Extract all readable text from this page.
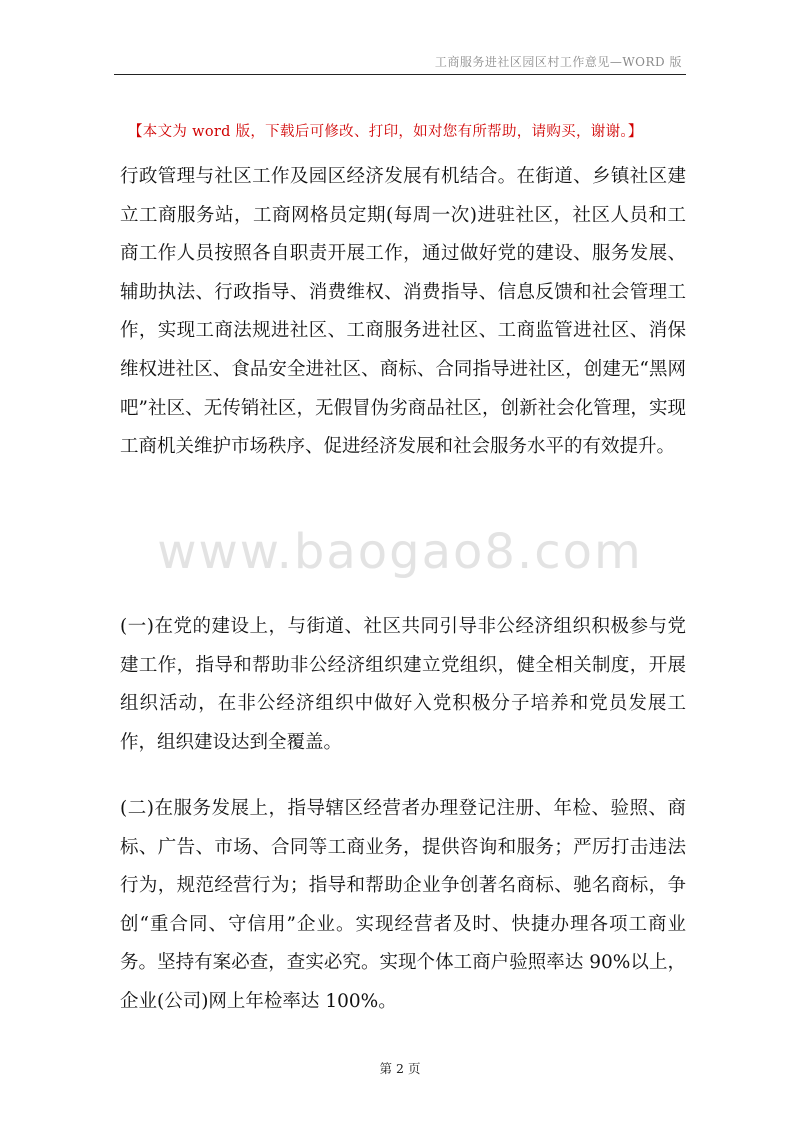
工商服务进社区园区村工作意见—WORD 版
【本文为 word 版，下载后可修改、打印，如对您有所帮助，请购买，谢谢。】

行政管理与社区工作及园区经济发展有机结合。在街道、乡镇社区建立工商服务站，工商网格员定期(每周一次)进驻社区，社区人员和工商工作人员按照各自职责开展工作，通过做好党的建设、服务发展、辅助执法、行政指导、消费维权、消费指导、信息反馈和社会管理工作，实现工商法规进社区、工商服务进社区、工商监管进社区、消保维权进社区、食品安全进社区、商标、合同指导进社区，创建无“黑网吧”社区、无传销社区，无假冒伪劣商品社区，创新社会化管理，实现工商机关维护市场秩序、促进经济发展和社会服务水平的有效提升。

www.baogao8.com

(一)在党的建设上，与街道、社区共同引导非公经济组织积极参与党建工作，指导和帮助非公经济组织建立党组织，健全相关制度，开展组织活动，在非公经济组织中做好入党积极分子培养和党员发展工作，组织建设达到全覆盖。

(二)在服务发展上，指导辖区经营者办理登记注册、年检、验照、商标、广告、市场、合同等工商业务，提供咨询和服务；严厉打击违法行为，规范经营行为；指导和帮助企业争创著名商标、驰名商标，争创“重合同、守信用”企业。实现经营者及时、快捷办理各项工商业务。坚持有案必查，查实必究。实现个体工商户验照率达 90%以上，企业(公司)网上年检率达 100%。

第 2 页
